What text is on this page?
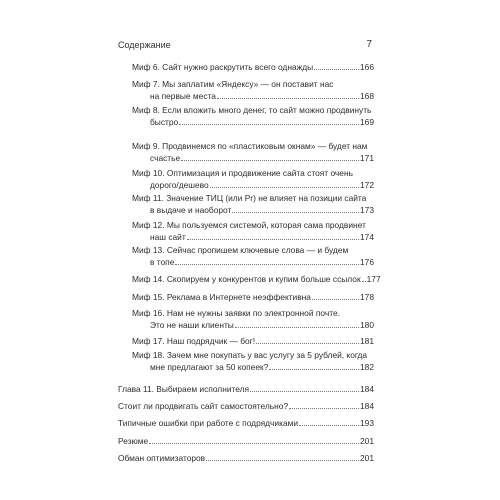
Содержание	7
Миф 6. Сайт нужно раскрутить всего однажды	166
Миф 7. Мы заплатим «Яндексу» — он поставит нас
на первые места	168
Миф 8. Если вложить много денег, то сайт можно продвинуть
быстро	169
Миф 9. Продвинемся по «пластиковым окнам» — будет нам
счастье	171
Миф 10. Оптимизация и продвижение сайта стоят очень
дорого/дешево	172
Миф 11. Значение ТИЦ (или Pr) не влияет на позиции сайта
в выдаче и наоборот	173
Миф 12. Мы пользуемся системой, которая сама продвинет
наш сайт	174
Миф 13. Сейчас пропишем ключевые слова — и будем
в топе	176
Миф 14. Скопируем у конкурентов и купим больше ссылок 177
Миф 15. Реклама в Интернете неэффективна	178
Миф 16. Нам не нужны заявки по электронной почте.
Это не наши клиенты	180
Миф 17. Наш подрядчик — бог!	181
Миф 18. Зачем мне покупать у вас услугу за 5 рублей, когда
мне предлагают за 50 копеек?	182
Глава 11. Выбираем исполнителя	184
Стоит ли продвигать сайт самостоятельно?	184
Типичные ошибки при работе с подрядчиками	193
Резюме	201
Обман оптимизаторов	201
